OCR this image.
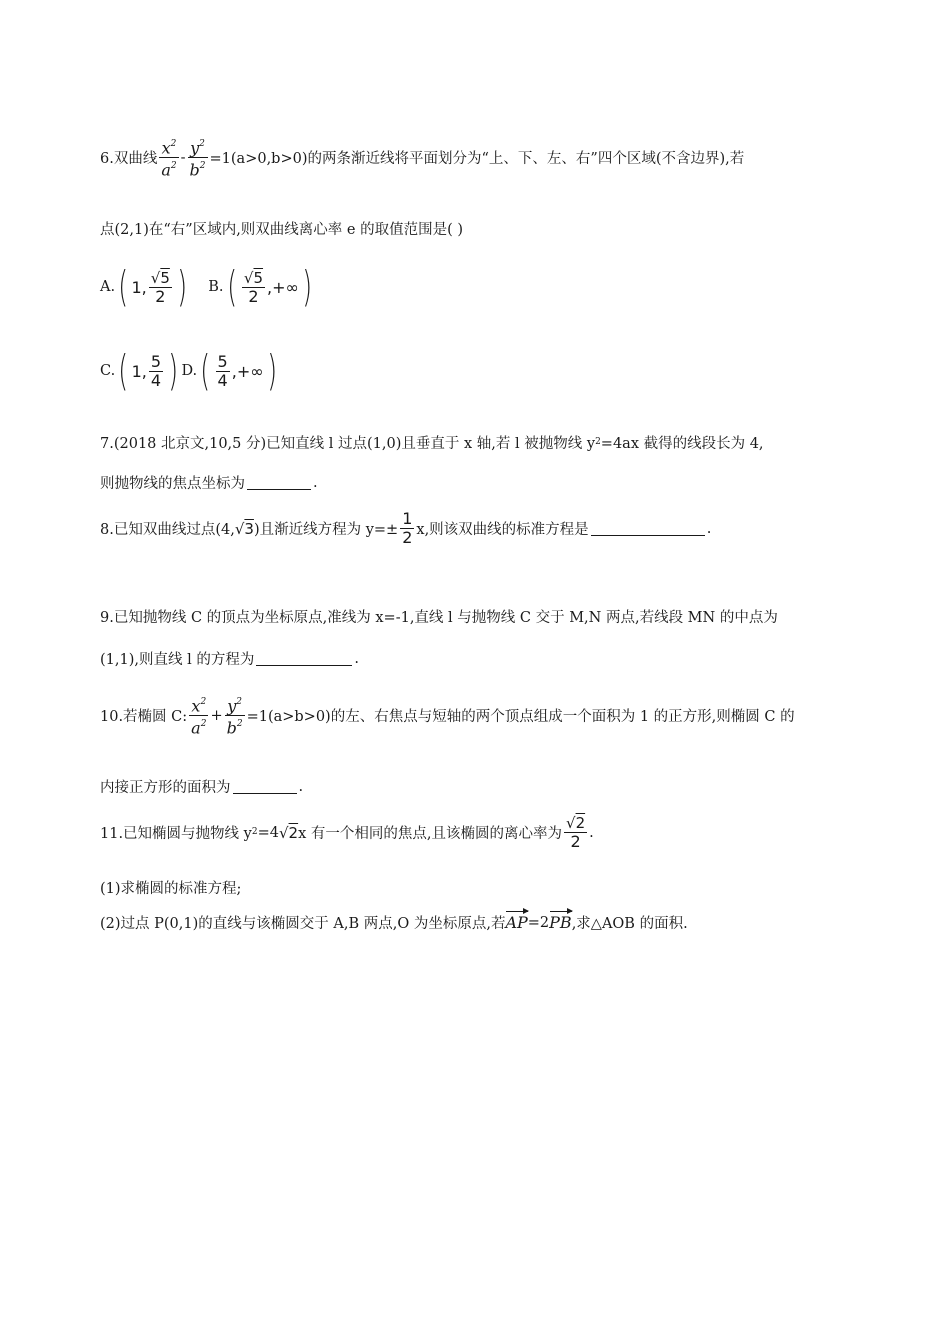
6.双曲线 $\frac{x^2}{a^2} - \frac{y^2}{b^2} =1(a>0,b>0)$的两条渐近线将平面划分为“上、下、左、右”四个区域(不含边界),若
点(2,1)在“右”区域内,则双曲线离心率 e 的取值范围是( )
A. ( 1 , $\frac{√5}{2}$ ) B. ( $\frac{√5}{2}$ ,+∞ )
C. ( 1 , $\frac{5}{4}$ ) D. ( $\frac{5}{4}$ ,+∞ )
7.(2018 北京文,10,5 分)已知直线 l 过点(1,0)且垂直于 x 轴,若 l 被抛物线 $y^2 =4ax$ 截得的线段长为 4,
则抛物线的焦点坐标为	.
8.已知双曲线过点(4, √3 )且渐近线方程为 $y=\pm \frac{1}{2} x$,则该双曲线的标准方程是	.
9.已知抛物线 C 的顶点为坐标原点,准线为 x=-1,直线 l 与抛物线 C 交于 M,N 两点,若线段 MN 的中点为
(1,1),则直线 l 的方程为	.
10.若椭圆 C: $\frac{x^2}{a^2} + \frac{y^2}{b^2} =1(a>b>0)$的左、右焦点与短轴的两个顶点组成一个面积为 1 的正方形,则椭圆 C 的
内接正方形的面积为	.
11.已知椭圆与抛物线 $y^2 =4$ √2 x 有一个相同的焦点,且该椭圆的离心率为 $\frac{√2}{2}$ .
(1)求椭圆的标准方程;
(2)过点 P(0,1)的直线与该椭圆交于 A,B 两点,O 为坐标原点,若 AP =2 PB ,求△AOB 的面积.
